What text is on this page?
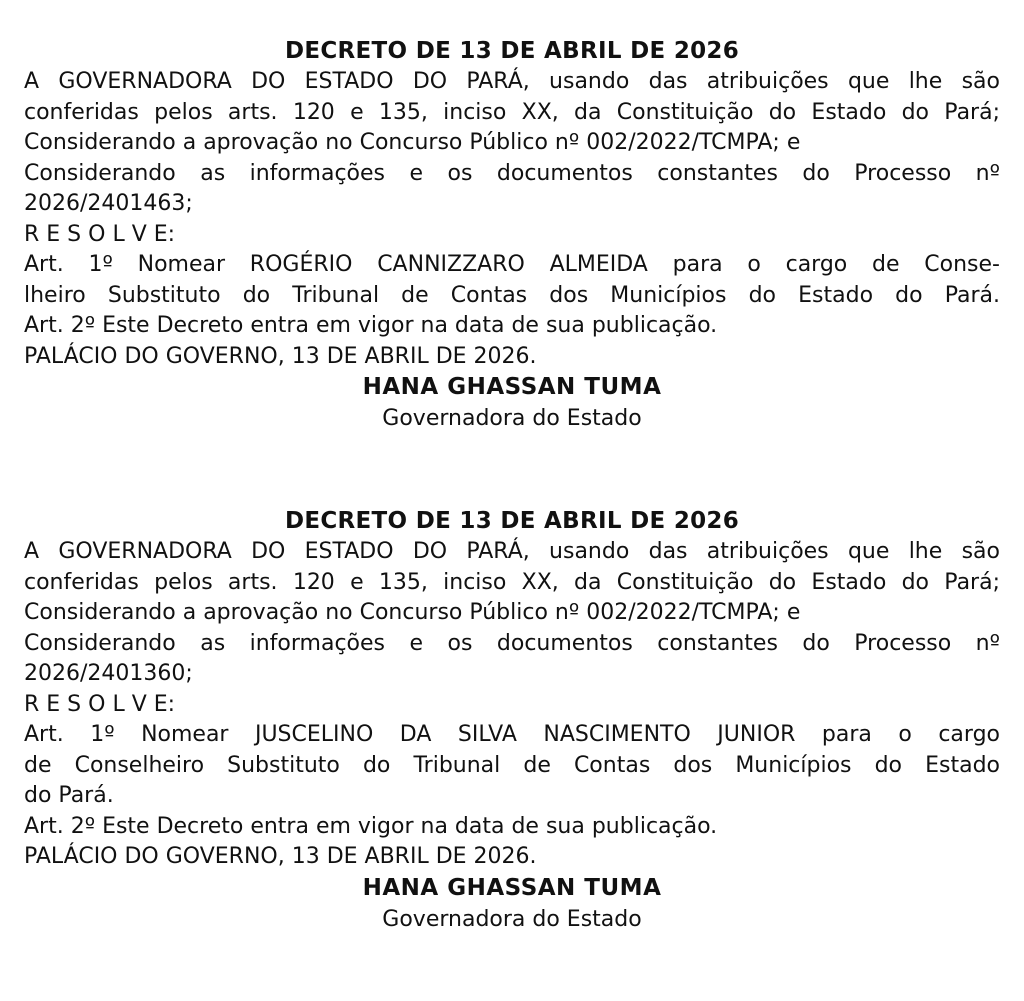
DECRETO DE 13 DE ABRIL DE 2026
A GOVERNADORA DO ESTADO DO PARÁ, usando das atribuições que lhe são
conferidas pelos arts. 120 e 135, inciso XX, da Constituição do Estado do Pará;
Considerando a aprovação no Concurso Público nº 002/2022/TCMPA; e
Considerando as informações e os documentos constantes do Processo nº
2026/2401463;
R E S O L V E:
Art. 1º Nomear ROGÉRIO CANNIZZARO ALMEIDA para o cargo de Conse-
lheiro Substituto do Tribunal de Contas dos Municípios do Estado do Pará.
Art. 2º Este Decreto entra em vigor na data de sua publicação.
PALÁCIO DO GOVERNO, 13 DE ABRIL DE 2026.
HANA GHASSAN TUMA
Governadora do Estado
DECRETO DE 13 DE ABRIL DE 2026
A GOVERNADORA DO ESTADO DO PARÁ, usando das atribuições que lhe são
conferidas pelos arts. 120 e 135, inciso XX, da Constituição do Estado do Pará;
Considerando a aprovação no Concurso Público nº 002/2022/TCMPA; e
Considerando as informações e os documentos constantes do Processo nº
2026/2401360;
R E S O L V E:
Art. 1º Nomear JUSCELINO DA SILVA NASCIMENTO JUNIOR para o cargo
de Conselheiro Substituto do Tribunal de Contas dos Municípios do Estado
do Pará.
Art. 2º Este Decreto entra em vigor na data de sua publicação.
PALÁCIO DO GOVERNO, 13 DE ABRIL DE 2026.
HANA GHASSAN TUMA
Governadora do Estado
